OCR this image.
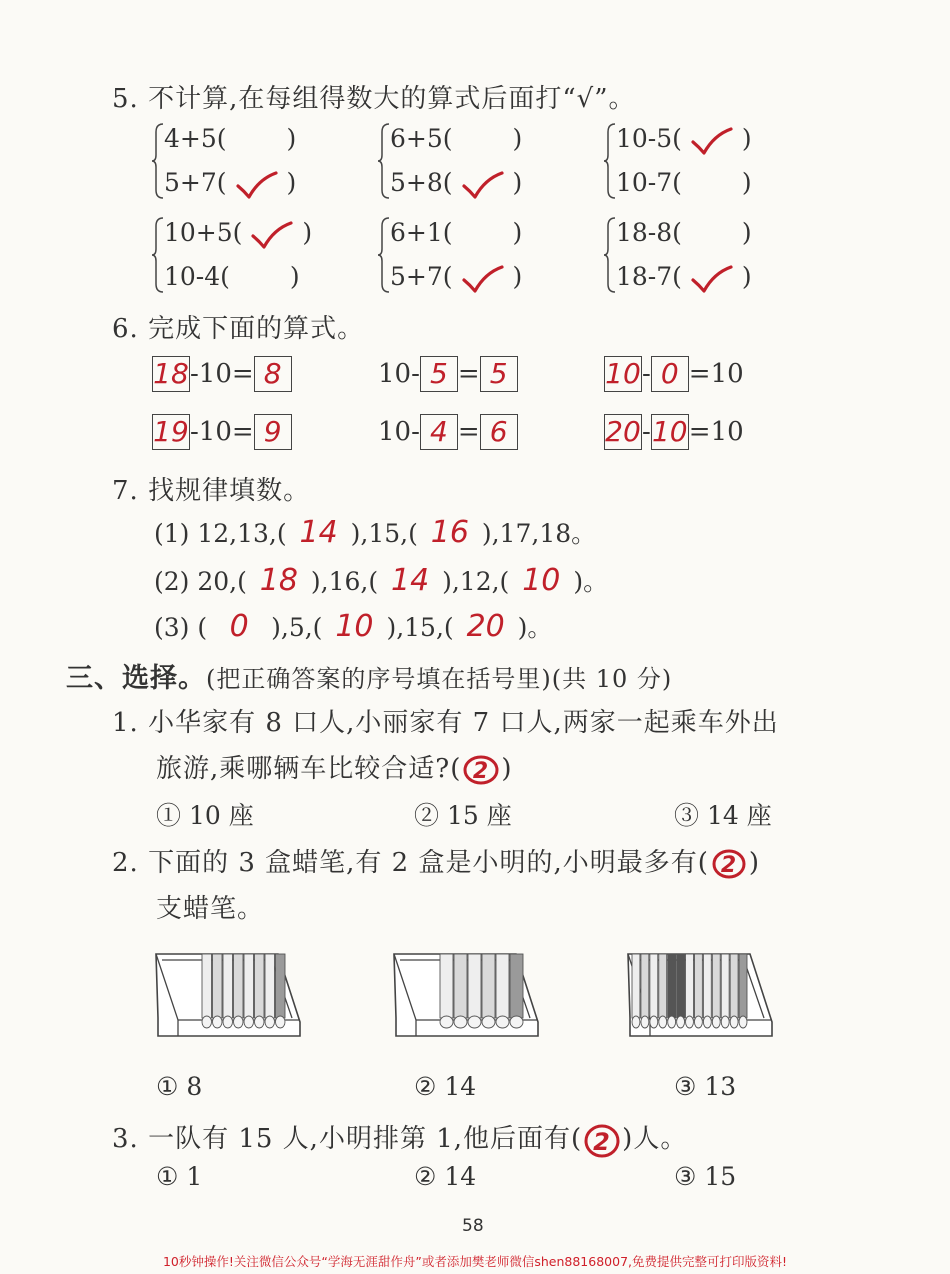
5. 不计算,在每组得数大的算式后面打“√”。
4+5( )
5+7( )
6+5( )
5+8( )
10-5( )
10-7( )
10+5( )
10-4( )
6+1( )
5+7( )
18-8( )
18-7( )
6. 完成下面的算式。
18-10= 8	10- 5 = 5	10- 0 =10
19-10= 9	10- 4 = 6	20-10=10
7. 找规律填数。
(1) 12,13,( 14 ),15,( 16 ),17,18。
(2) 20,( 18 ),16,( 14 ),12,( 10 )。
(3) ( 0 ),5,( 10 ),15,( 20 )。
三、选择。(把正确答案的序号填在括号里)(共 10 分)
1. 小华家有 8 口人,小丽家有 7 口人,两家一起乘车外出
旅游,乘哪辆车比较合适?( 2 )
① 10 座	② 15 座	③ 14 座
2. 下面的 3 盒蜡笔,有 2 盒是小明的,小明最多有( 2 )
支蜡笔。
① 8	② 14	③ 13
3. 一队有 15 人,小明排第 1,他后面有( 2 )人。
① 1	② 14	③ 15
58
10秒钟操作!关注微信公众号“学海无涯甜作舟”或者添加樊老师微信shen88168007,免费提供完整可打印版资料!
